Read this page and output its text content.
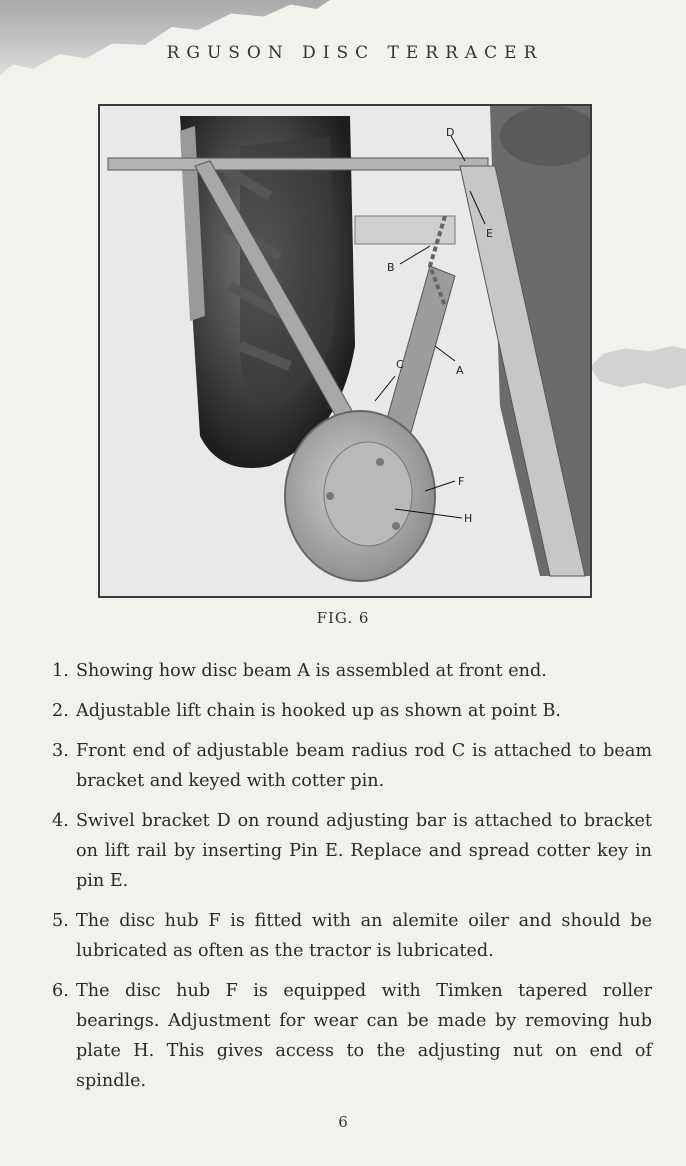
RGUSON DISC TERRACER
D
E
B
A
C
F
H
FIG. 6
1. Showing how disc beam A is assembled at front end.
2. Adjustable lift chain is hooked up as shown at point B.
3. Front end of adjustable beam radius rod C is attached to beam bracket and keyed with cotter pin.
4. Swivel bracket D on round adjusting bar is attached to bracket on lift rail by inserting Pin E. Replace and spread cotter key in pin E.
5. The disc hub F is fitted with an alemite oiler and should be lubricated as often as the tractor is lubricated.
6. The disc hub F is equipped with Timken tapered roller bearings. Adjustment for wear can be made by removing hub plate H. This gives access to the adjusting nut on end of spindle.
6
